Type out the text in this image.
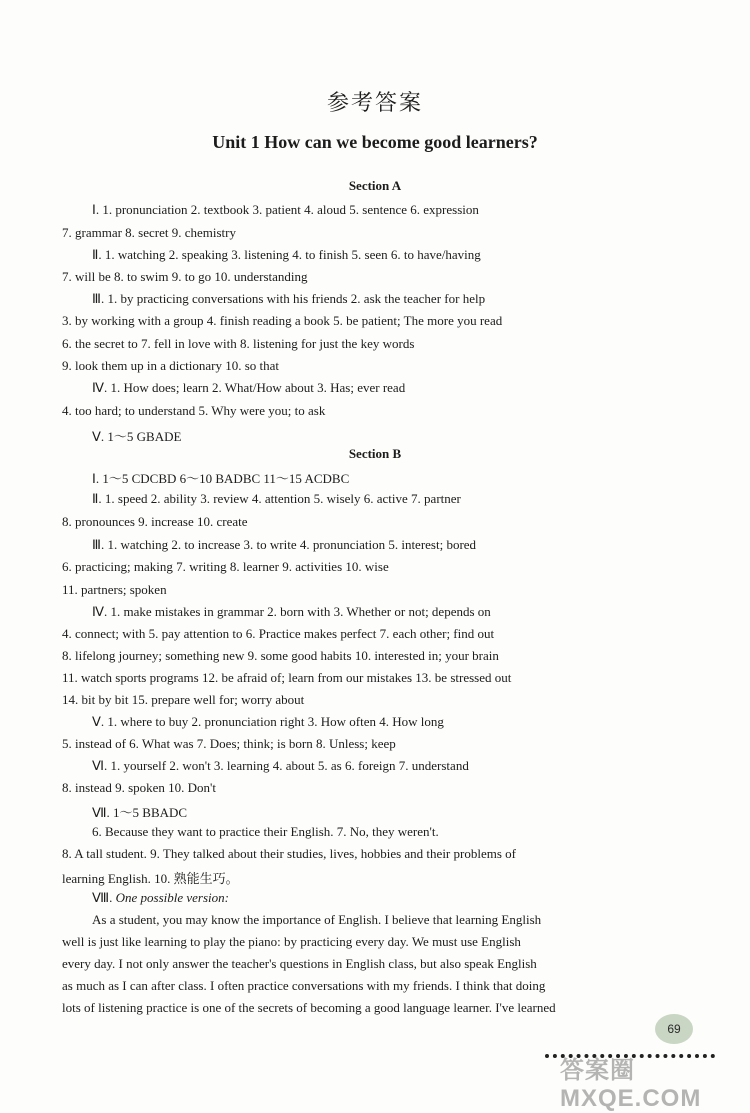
参考答案
Unit 1 How can we become good learners?
Section A
Ⅰ. 1. pronunciation 2. textbook 3. patient 4. aloud 5. sentence 6. expression
7. grammar 8. secret 9. chemistry
Ⅱ. 1. watching 2. speaking 3. listening 4. to finish 5. seen 6. to have/having
7. will be 8. to swim 9. to go 10. understanding
Ⅲ. 1. by practicing conversations with his friends 2. ask the teacher for help
3. by working with a group 4. finish reading a book 5. be patient; The more you read
6. the secret to 7. fell in love with 8. listening for just the key words
9. look them up in a dictionary 10. so that
Ⅳ. 1. How does; learn 2. What/How about 3. Has; ever read
4. too hard; to understand 5. Why were you; to ask
Ⅴ. 1～5 GBADE
Section B
Ⅰ. 1～5 CDCBD 6～10 BADBC 11～15 ACDBC
Ⅱ. 1. speed 2. ability 3. review 4. attention 5. wisely 6. active 7. partner
8. pronounces 9. increase 10. create
Ⅲ. 1. watching 2. to increase 3. to write 4. pronunciation 5. interest; bored
6. practicing; making 7. writing 8. learner 9. activities 10. wise
11. partners; spoken
Ⅳ. 1. make mistakes in grammar 2. born with 3. Whether or not; depends on
4. connect; with 5. pay attention to 6. Practice makes perfect 7. each other; find out
8. lifelong journey; something new 9. some good habits 10. interested in; your brain
11. watch sports programs 12. be afraid of; learn from our mistakes 13. be stressed out
14. bit by bit 15. prepare well for; worry about
Ⅴ. 1. where to buy 2. pronunciation right 3. How often 4. How long
5. instead of 6. What was 7. Does; think; is born 8. Unless; keep
Ⅵ. 1. yourself 2. won't 3. learning 4. about 5. as 6. foreign 7. understand
8. instead 9. spoken 10. Don't
Ⅶ. 1～5 BBADC
6. Because they want to practice their English. 7. No, they weren't.
8. A tall student. 9. They talked about their studies, lives, hobbies and their problems of
learning English. 10. 熟能生巧。
Ⅷ. One possible version:
As a student, you may know the importance of English. I believe that learning English
well is just like learning to play the piano: by practicing every day. We must use English
every day. I not only answer the teacher's questions in English class, but also speak English
as much as I can after class. I often practice conversations with my friends. I think that doing
lots of listening practice is one of the secrets of becoming a good language learner. I've learned
69
答案圈 MXQE.COM
